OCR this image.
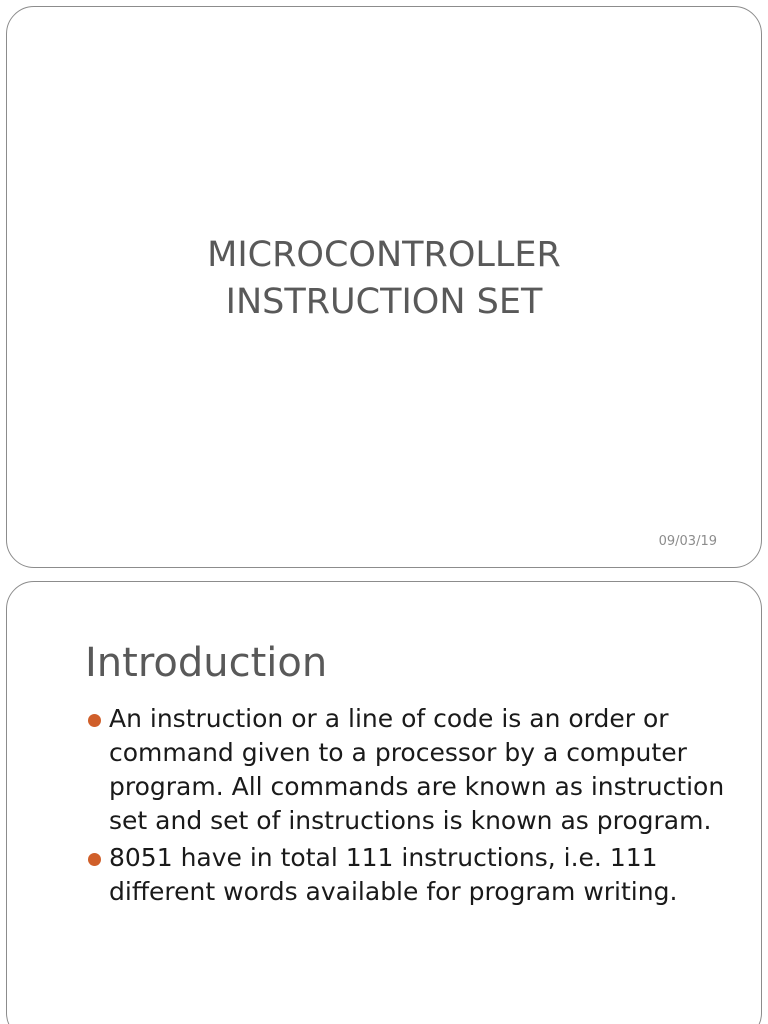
MICROCONTROLLER
INSTRUCTION SET
09/03/19
Introduction
An instruction or a line of code is an order or command given to a processor by a computer program. All commands are known as instruction set and set of instructions is known as program.
8051 have in total 111 instructions, i.e. 111 different words available for program writing.
